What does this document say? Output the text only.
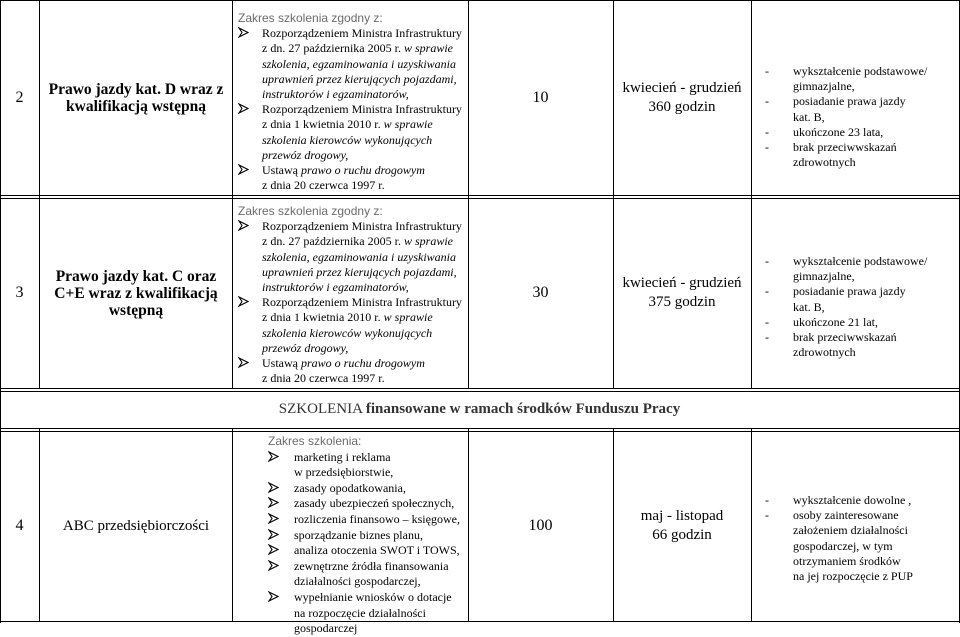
2	Prawo jazdy kat. D wraz z kwalifikacją wstępną
Zakres szkolenia zgodny z:
Rozporządzeniem Ministra Infrastruktury
z dn. 27 października 2005 r. w sprawie
szkolenia, egzaminowania i uzyskiwania
uprawnień przez kierujących pojazdami,
instruktorów i egzaminatorów,
Rozporządzeniem Ministra Infrastruktury
z dnia 1 kwietnia 2010 r. w sprawie
szkolenia kierowców wykonujących
przewóz drogowy,
Ustawą prawo o ruchu drogowym
z dnia 20 czerwca 1997 r.
10
kwiecień - grudzień
360 godzin
- wykształcenie podstawowe/
gimnazjalne,
- posiadanie prawa jazdy
kat. B,
- ukończone 23 lata,
- brak przeciwwskazań
zdrowotnych
3
Prawo jazdy kat. C oraz C+E wraz z kwalifikacją wstępną
Zakres szkolenia zgodny z:
Rozporządzeniem Ministra Infrastruktury
z dn. 27 października 2005 r. w sprawie
szkolenia, egzaminowania i uzyskiwania
uprawnień przez kierujących pojazdami,
instruktorów i egzaminatorów,
Rozporządzeniem Ministra Infrastruktury
z dnia 1 kwietnia 2010 r. w sprawie
szkolenia kierowców wykonujących
przewóz drogowy,
Ustawą prawo o ruchu drogowym
z dnia 20 czerwca 1997 r.
30
kwiecień - grudzień
375 godzin
- wykształcenie podstawowe/
gimnazjalne,
- posiadanie prawa jazdy
kat. B,
- ukończone 21 lat,
- brak przeciwwskazań
zdrowotnych
SZKOLENIA finansowane w ramach środków Funduszu Pracy
4	ABC przedsiębiorczości
Zakres szkolenia:
marketing i reklama
w przedsiębiorstwie,
zasady opodatkowania,
zasady ubezpieczeń społecznych,
rozliczenia finansowo – księgowe,
sporządzanie biznes planu,
analiza otoczenia SWOT i TOWS,
zewnętrzne źródła finansowania
działalności gospodarczej,
wypełnianie wniosków o dotacje
na rozpoczęcie działalności
gospodarczej
100
maj - listopad
66 godzin
- wykształcenie dowolne ,
- osoby zainteresowane
założeniem działalności
gospodarczej, w tym
otrzymaniem środków
na jej rozpoczęcie z PUP
